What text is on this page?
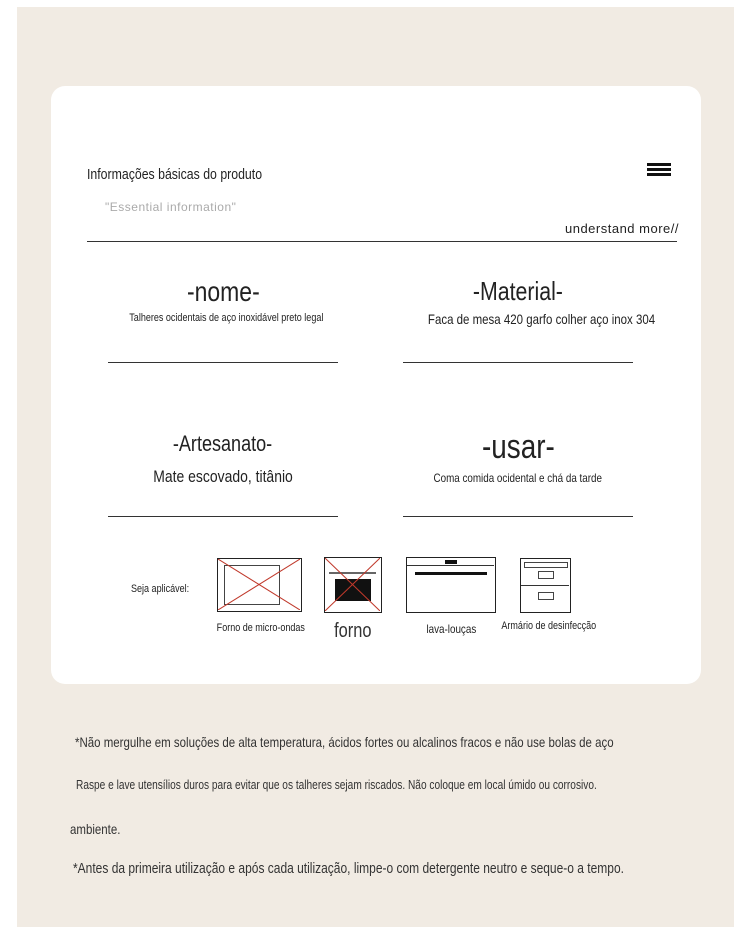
Informações básicas do produto
"Essential information"
understand more//
-nome-
Talheres ocidentais de aço inoxidável preto legal
-Material-
Faca de mesa 420 garfo colher aço inox 304
-Artesanato-
Mate escovado, titânio
-usar-
Coma comida ocidental e chá da tarde
Seja aplicável:
Forno de micro-ondas	forno	lava-louças	Armário de desinfecção
*Não mergulhe em soluções de alta temperatura, ácidos fortes ou alcalinos fracos e não use bolas de aço
Raspe e lave utensílios duros para evitar que os talheres sejam riscados. Não coloque em local úmido ou corrosivo.
ambiente.
*Antes da primeira utilização e após cada utilização, limpe-o com detergente neutro e seque-o a tempo.
